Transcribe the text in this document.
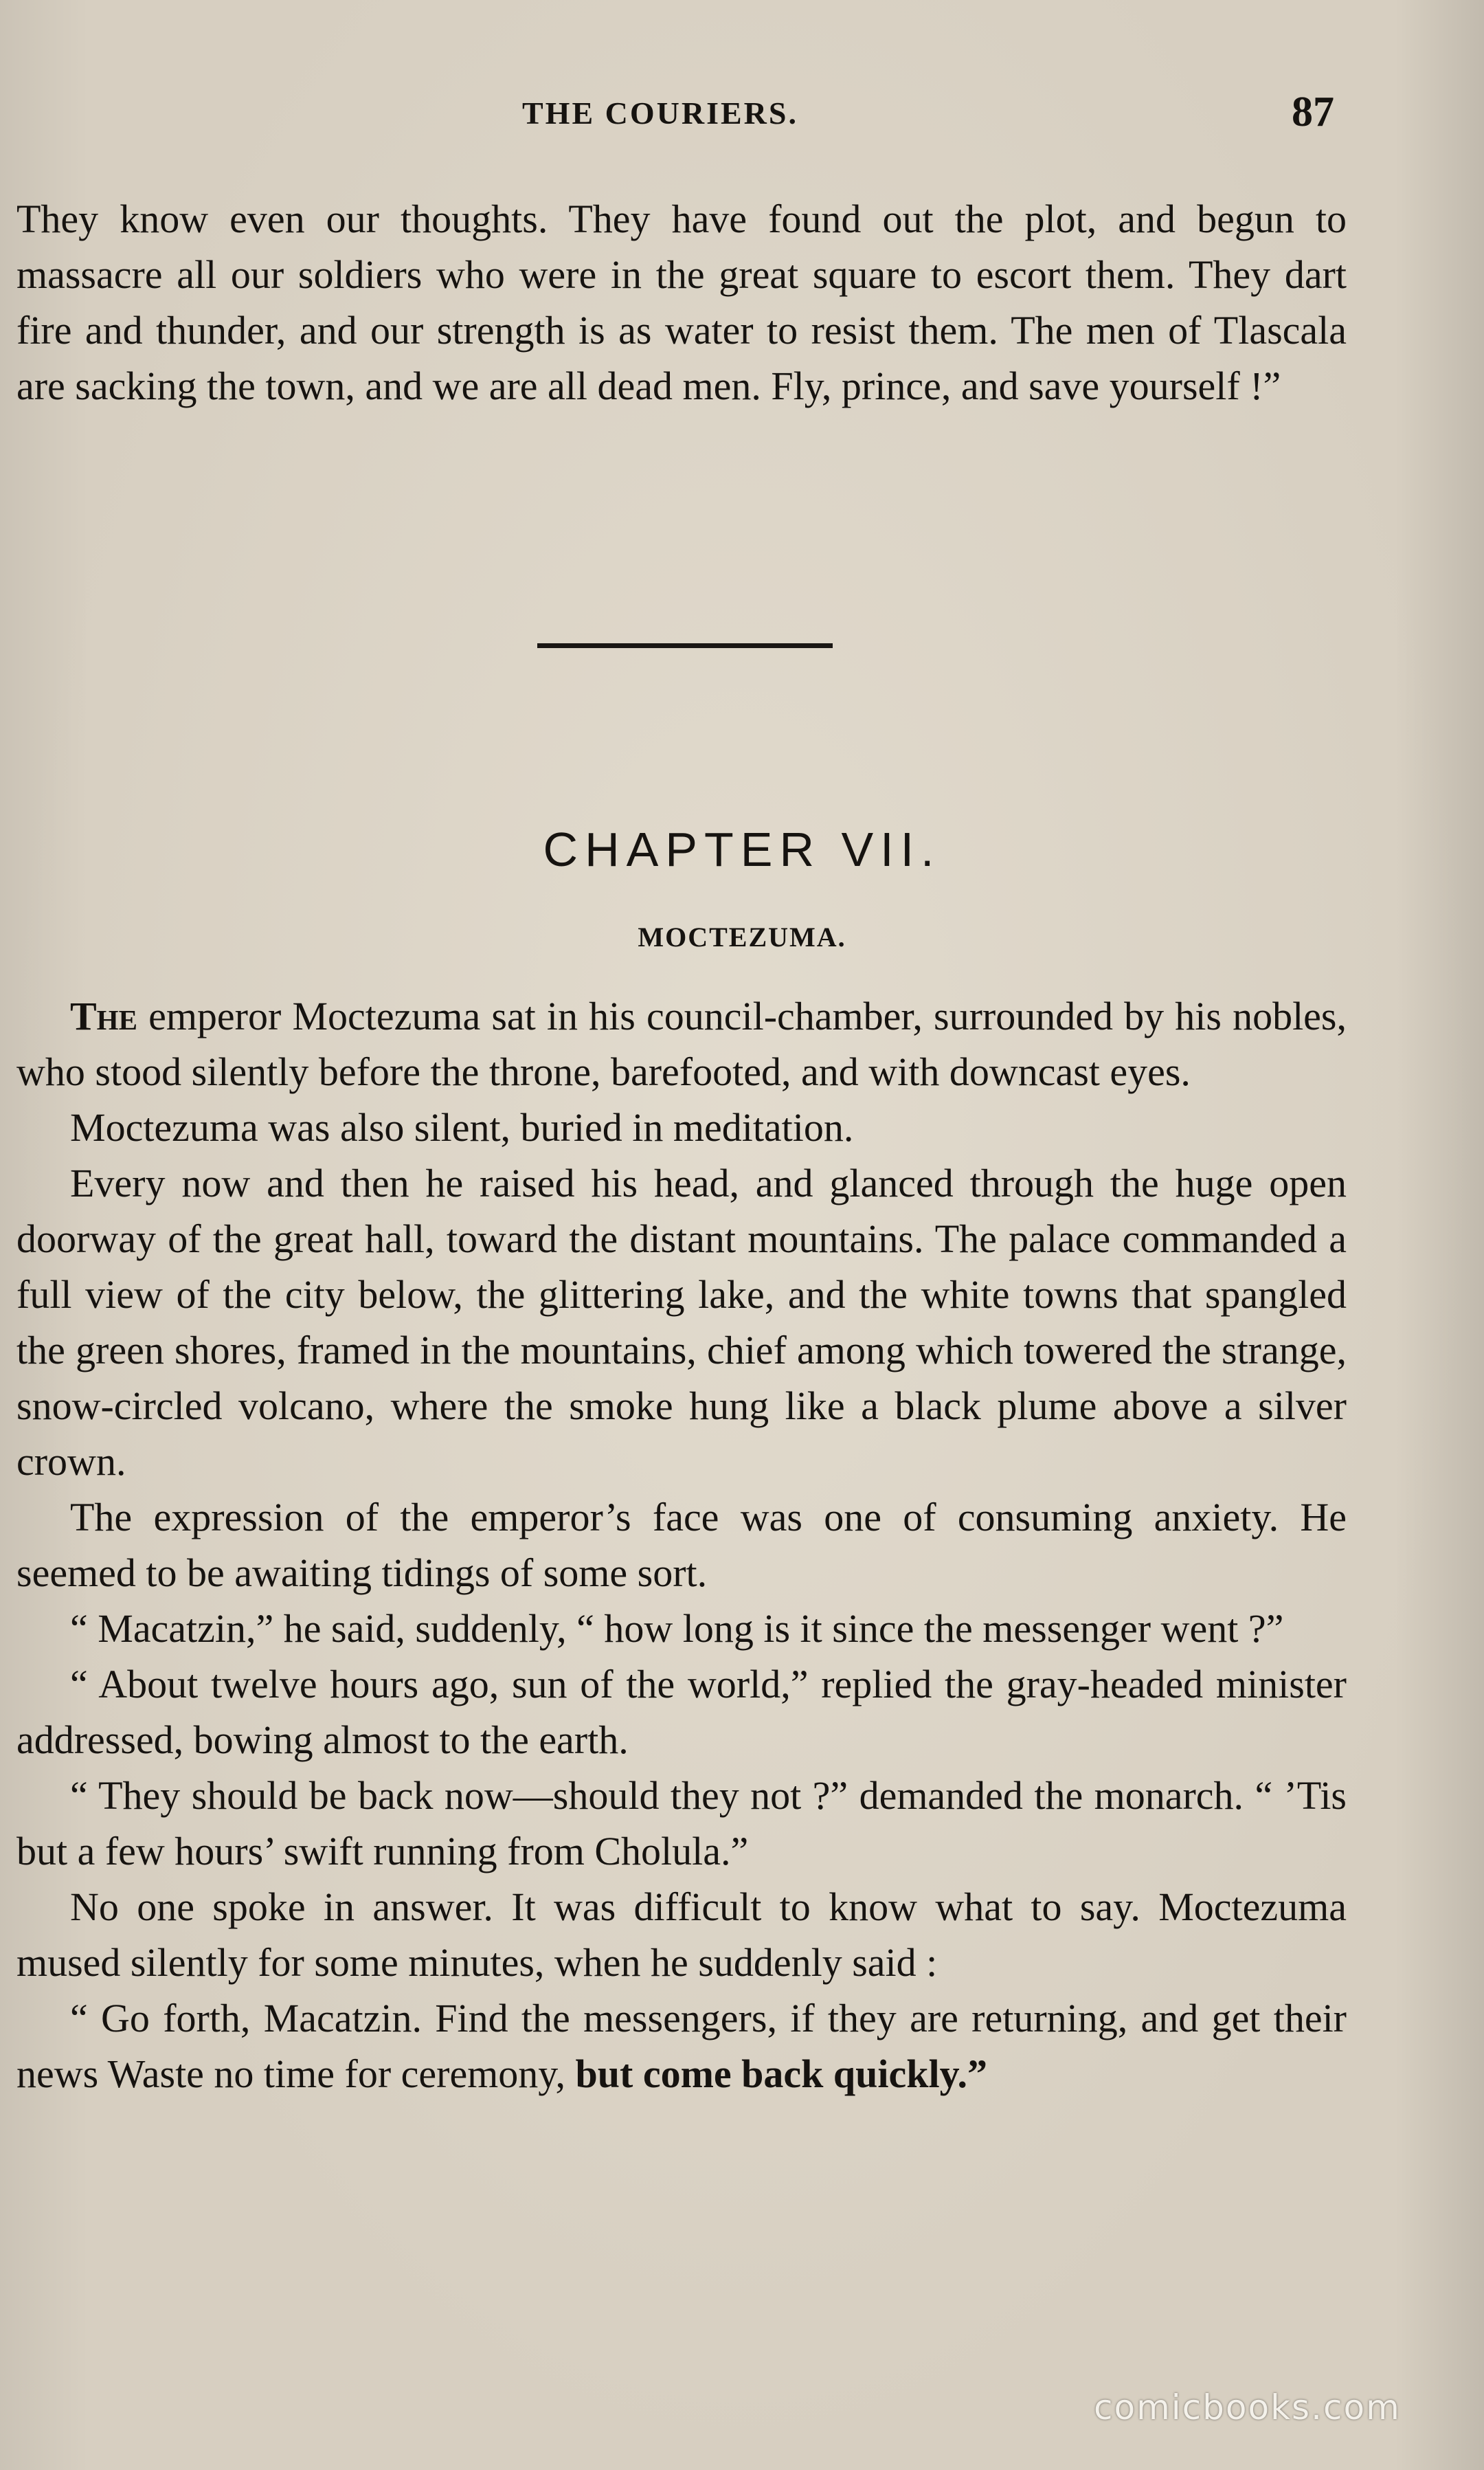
THE COURIERS.	87

They know even our thoughts. They have found out the plot, and begun to massacre all our soldiers who were in the great square to escort them. They dart fire and thunder, and our strength is as water to resist them. The men of Tlascala are sacking the town, and we are all dead men. Fly, prince, and save yourself !”

CHAPTER VII.
MOCTEZUMA.

The emperor Moctezuma sat in his council-chamber, surrounded by his nobles, who stood silently before the throne, barefooted, and with downcast eyes.

Moctezuma was also silent, buried in meditation.

Every now and then he raised his head, and glanced through the huge open doorway of the great hall, toward the distant mountains. The palace commanded a full view of the city below, the glittering lake, and the white towns that spangled the green shores, framed in the mountains, chief among which towered the strange, snow-circled volcano, where the smoke hung like a black plume above a silver crown.

The expression of the emperor’s face was one of consuming anxiety. He seemed to be awaiting tidings of some sort.

“ Macatzin,” he said, suddenly, “ how long is it since the messenger went ?”

“ About twelve hours ago, sun of the world,” replied the gray-headed minister addressed, bowing almost to the earth.

“ They should be back now—should they not ?” demanded the monarch. “ ’Tis but a few hours’ swift running from Cholula.”

No one spoke in answer. It was difficult to know what to say. Moctezuma mused silently for some minutes, when he suddenly said :

“ Go forth, Macatzin. Find the messengers, if they are returning, and get their news Waste no time for ceremony, but come back quickly.”

comicbooks.com
